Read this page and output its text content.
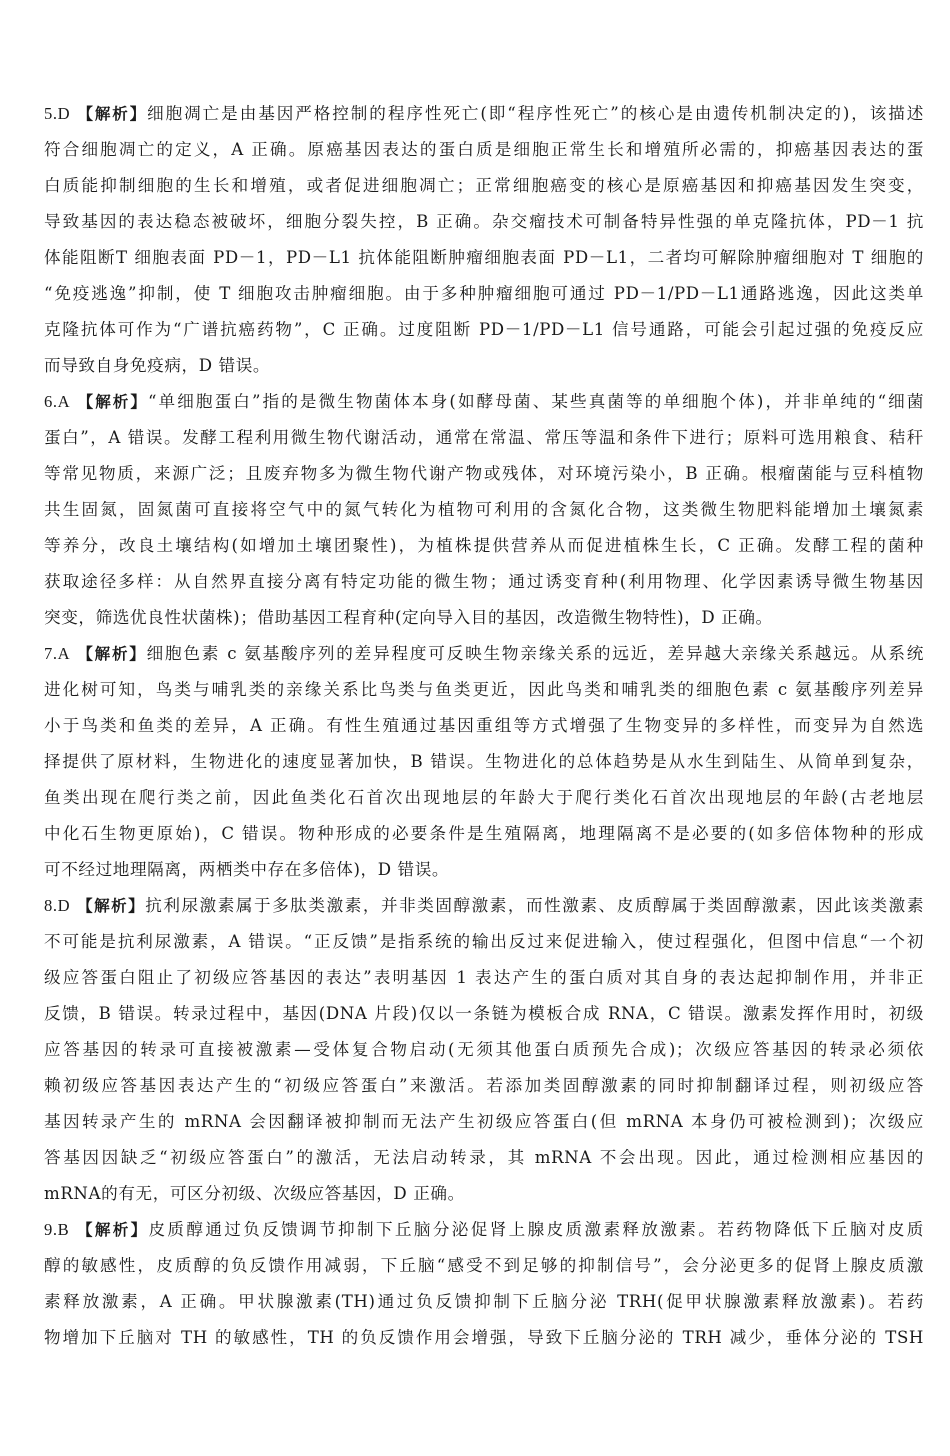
5.D 【解析】细胞凋亡是由基因严格控制的程序性死亡(即“程序性死亡”的核心是由遗传机制决定的)，该描述
符合细胞凋亡的定义，A 正确。原癌基因表达的蛋白质是细胞正常生长和增殖所必需的，抑癌基因表达的蛋
白质能抑制细胞的生长和增殖，或者促进细胞凋亡；正常细胞癌变的核心是原癌基因和抑癌基因发生突变，
导致基因的表达稳态被破坏，细胞分裂失控，B 正确。杂交瘤技术可制备特异性强的单克隆抗体，PD－1 抗
体能阻断T 细胞表面 PD－1，PD－L1 抗体能阻断肿瘤细胞表面 PD－L1，二者均可解除肿瘤细胞对 T 细胞的
“免疫逃逸”抑制，使 T 细胞攻击肿瘤细胞。由于多种肿瘤细胞可通过 PD－1/PD－L1通路逃逸，因此这类单
克隆抗体可作为“广谱抗癌药物”，C 正确。过度阻断 PD－1/PD－L1 信号通路，可能会引起过强的免疫反应
而导致自身免疫病，D 错误。
6.A 【解析】“单细胞蛋白”指的是微生物菌体本身(如酵母菌、某些真菌等的单细胞个体)，并非单纯的“细菌
蛋白”，A 错误。发酵工程利用微生物代谢活动，通常在常温、常压等温和条件下进行；原料可选用粮食、秸秆
等常见物质，来源广泛；且废弃物多为微生物代谢产物或残体，对环境污染小，B 正确。根瘤菌能与豆科植物
共生固氮，固氮菌可直接将空气中的氮气转化为植物可利用的含氮化合物，这类微生物肥料能增加土壤氮素
等养分，改良土壤结构(如增加土壤团聚性)，为植株提供营养从而促进植株生长，C 正确。发酵工程的菌种
获取途径多样：从自然界直接分离有特定功能的微生物；通过诱变育种(利用物理、化学因素诱导微生物基因
突变，筛选优良性状菌株)；借助基因工程育种(定向导入目的基因，改造微生物特性)，D 正确。
7.A 【解析】细胞色素 c 氨基酸序列的差异程度可反映生物亲缘关系的远近，差异越大亲缘关系越远。从系统
进化树可知，鸟类与哺乳类的亲缘关系比鸟类与鱼类更近，因此鸟类和哺乳类的细胞色素 c 氨基酸序列差异
小于鸟类和鱼类的差异，A 正确。有性生殖通过基因重组等方式增强了生物变异的多样性，而变异为自然选
择提供了原材料，生物进化的速度显著加快，B 错误。生物进化的总体趋势是从水生到陆生、从简单到复杂，
鱼类出现在爬行类之前，因此鱼类化石首次出现地层的年龄大于爬行类化石首次出现地层的年龄(古老地层
中化石生物更原始)，C 错误。物种形成的必要条件是生殖隔离，地理隔离不是必要的(如多倍体物种的形成
可不经过地理隔离，两栖类中存在多倍体)，D 错误。
8.D 【解析】抗利尿激素属于多肽类激素，并非类固醇激素，而性激素、皮质醇属于类固醇激素，因此该类激素
不可能是抗利尿激素，A 错误。“正反馈”是指系统的输出反过来促进输入，使过程强化，但图中信息“一个初
级应答蛋白阻止了初级应答基因的表达”表明基因 1 表达产生的蛋白质对其自身的表达起抑制作用，并非正
反馈，B 错误。转录过程中，基因(DNA 片段)仅以一条链为模板合成 RNA，C 错误。激素发挥作用时，初级
应答基因的转录可直接被激素—受体复合物启动(无须其他蛋白质预先合成)；次级应答基因的转录必须依
赖初级应答基因表达产生的“初级应答蛋白”来激活。若添加类固醇激素的同时抑制翻译过程，则初级应答
基因转录产生的 mRNA 会因翻译被抑制而无法产生初级应答蛋白(但 mRNA 本身仍可被检测到)；次级应
答基因因缺乏“初级应答蛋白”的激活，无法启动转录，其 mRNA 不会出现。因此，通过检测相应基因的
mRNA的有无，可区分初级、次级应答基因，D 正确。
9.B 【解析】皮质醇通过负反馈调节抑制下丘脑分泌促肾上腺皮质激素释放激素。若药物降低下丘脑对皮质
醇的敏感性，皮质醇的负反馈作用减弱，下丘脑“感受不到足够的抑制信号”，会分泌更多的促肾上腺皮质激
素释放激素，A 正确。甲状腺激素(TH)通过负反馈抑制下丘脑分泌 TRH(促甲状腺激素释放激素)。若药
物增加下丘脑对 TH 的敏感性，TH 的负反馈作用会增强，导致下丘脑分泌的 TRH 减少，垂体分泌的 TSH
